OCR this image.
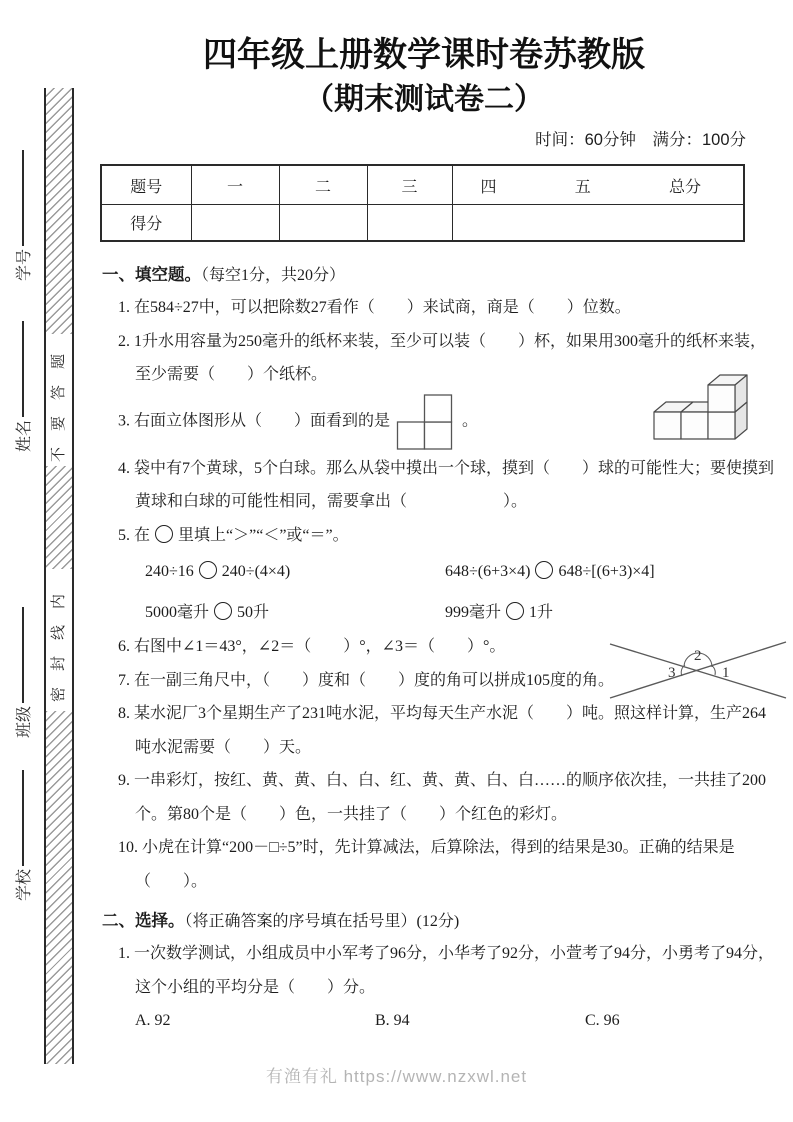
学号
姓名
班级
学校
不要答题
密封线内
四年级上册数学课时卷苏教版
（期末测试卷二）
时间：60分钟　满分：100分
题号	一	二	三	四 五 总分

得分				

一、填空题。（每空1分，共20分）

1. 在584÷27中，可以把除数27看作（　　）来试商，商是（　　）位数。

2. 1升水用容量为250毫升的纸杯来装，至少可以装（　　）杯，如果用300毫升的纸杯来装，至少需要（　　）个纸杯。

3. 右面立体图形从（　　）面看到的是	。

4. 袋中有7个黄球，5个白球。那么从袋中摸出一个球，摸到（　　）球的可能性大；要使摸到黄球和白球的可能性相同，需要拿出（　　　　　　）。

5. 在 里填上“＞”“＜”或“＝”。

240÷16 240÷(4×4)	648÷(6+3×4) 648÷[(6+3)×4]
5000毫升 50升	999毫升 1升

6. 右图中∠1＝43°，∠2＝（　　）°，∠3＝（　　）°。

7. 在一副三角尺中，（　　）度和（　　）度的角可以拼成105度的角。

8. 某水泥厂3个星期生产了231吨水泥，平均每天生产水泥（　　）吨。照这样计算，生产264吨水泥需要（　　）天。

9. 一串彩灯，按红、黄、黄、白、白、红、黄、黄、白、白……的顺序依次挂，一共挂了200个。第80个是（　　）色，一共挂了（　　）个红色的彩灯。

10. 小虎在计算“200－□÷5”时，先计算减法，后算除法，得到的结果是30。正确的结果是（　　）。

二、选择。（将正确答案的序号填在括号里）(12分)

1. 一次数学测试，小组成员中小军考了96分，小华考了92分，小萱考了94分，小勇考了94分，这个小组的平均分是（　　）分。

A. 92	B. 94	C. 96
2
3	1
有渔有礼 https://www.nzxwl.net
